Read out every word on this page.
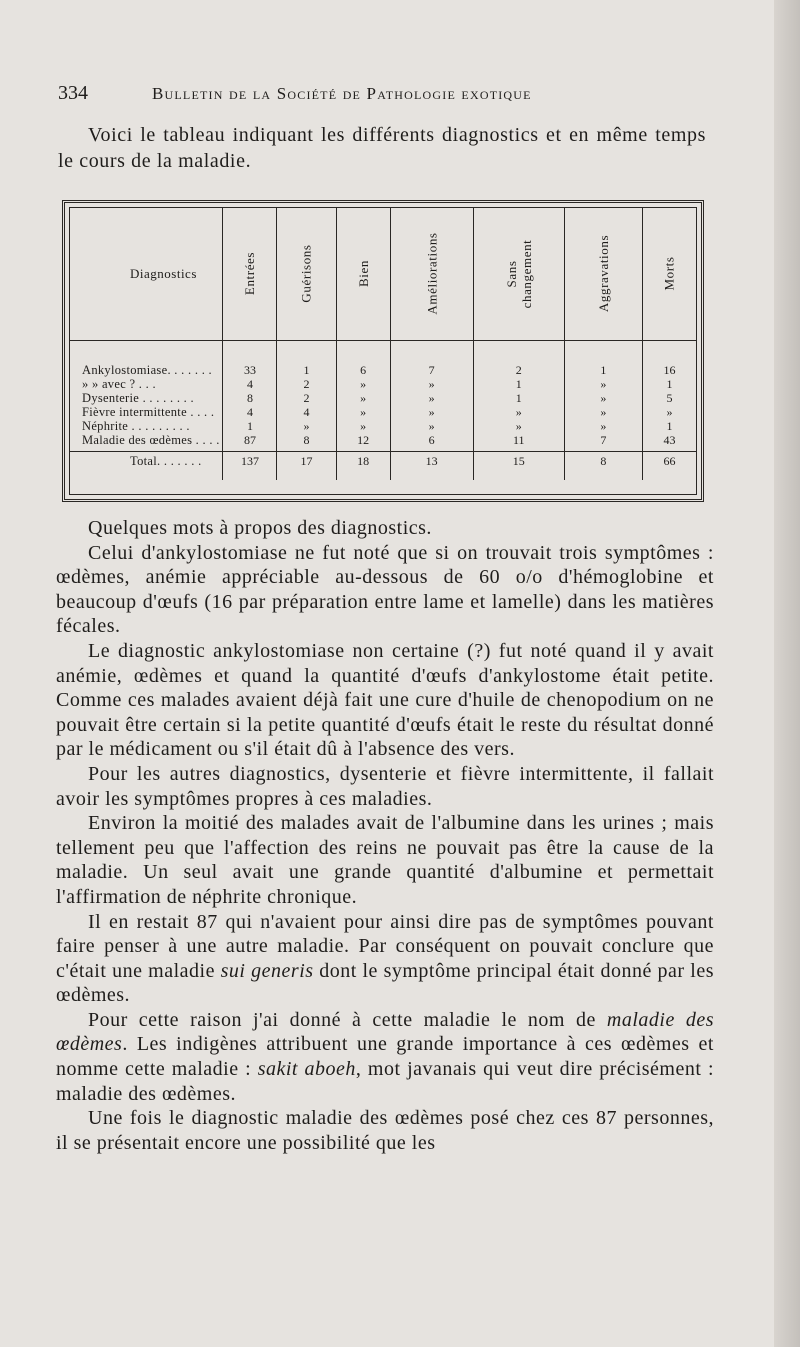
334	Bulletin de la Société de Pathologie exotique
Voici le tableau indiquant les différents diagnostics et en même temps le cours de la maladie.
Diagnostics	Entrées	Guérisons	Bien	Améliorations	Sans changement	Aggravations	Morts

Ankylostomiase. . . . . . .	33	1	6	7	2	1	16
» » avec ? . . .	4	2	»	»	1	»	1
Dysenterie . . . . . . . .	8	2	»	»	1	»	5
Fièvre intermittente . . . .	4	4	»	»	»	»	»
Néphrite . . . . . . . . .	1	»	»	»	»	»	1
Maladie des œdèmes . . . .	87	8	12	6	11	7	43

Total. . . . . . .	137	17	18	13	15	8	66

Quelques mots à propos des diagnostics.

Celui d'ankylostomiase ne fut noté que si on trouvait trois symptômes : œdèmes, anémie appréciable au-dessous de 60 o/o d'hémoglobine et beaucoup d'œufs (16 par préparation entre lame et lamelle) dans les matières fécales.

Le diagnostic ankylostomiase non certaine (?) fut noté quand il y avait anémie, œdèmes et quand la quantité d'œufs d'ankylostome était petite. Comme ces malades avaient déjà fait une cure d'huile de chenopodium on ne pouvait être certain si la petite quantité d'œufs était le reste du résultat donné par le médicament ou s'il était dû à l'absence des vers.

Pour les autres diagnostics, dysenterie et fièvre intermittente, il fallait avoir les symptômes propres à ces maladies.

Environ la moitié des malades avait de l'albumine dans les urines ; mais tellement peu que l'affection des reins ne pouvait pas être la cause de la maladie. Un seul avait une grande quantité d'albumine et permettait l'affirmation de néphrite chronique.

Il en restait 87 qui n'avaient pour ainsi dire pas de symptômes pouvant faire penser à une autre maladie. Par conséquent on pouvait conclure que c'était une maladie sui generis dont le symptôme principal était donné par les œdèmes.

Pour cette raison j'ai donné à cette maladie le nom de maladie des œdèmes. Les indigènes attribuent une grande importance à ces œdèmes et nomme cette maladie : sakit aboeh, mot javanais qui veut dire précisément : maladie des œdèmes.

Une fois le diagnostic maladie des œdèmes posé chez ces 87 personnes, il se présentait encore une possibilité que les
